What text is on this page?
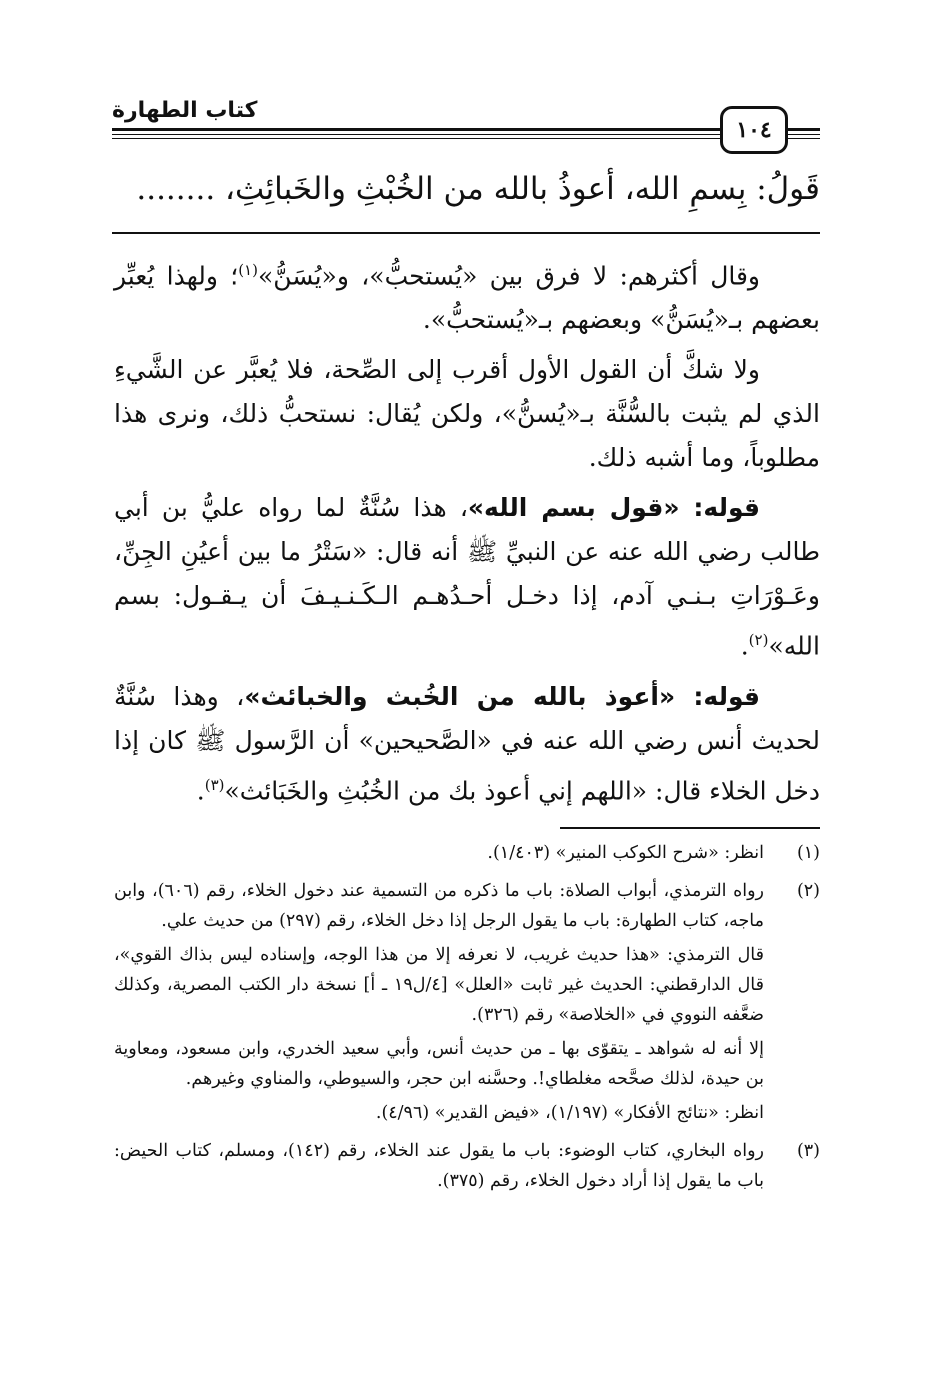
كتاب الطهارة
١٠٤
قَولُ: بِسمِ الله، أعوذُ بالله من الخُبْثِ والخَبائِثِ، ........

وقال أكثرهم: لا فرق بين «يُستحبُّ»، و«يُسَنُّ»$^{(١)}$؛ ولهذا يُعبِّر بعضهم بـ«يُسَنُّ» وبعضهم بـ«يُستحبُّ».

ولا شكَّ أن القول الأول أقرب إلى الصِّحة، فلا يُعبَّر عن الشَّيءِ الذي لم يثبت بالسُّنَّة بـ«يُسنُّ»، ولكن يُقال: نستحبُّ ذلك، ونرى هذا مطلوباً، وما أشبه ذلك.

قوله: «قول بسم الله»، هذا سُنَّةٌ لما رواه عليُّ بن أبي طالب رضي الله عنه عن النبيِّ ﷺ أنه قال: «سَتْرُ ما بين أعيُنِ الجِنِّ، وعَـوْرَاتِ بـنـي آدم، إذا دخـل أحـدُهـم الـكَـنـيـفَ أن يـقـول: بسم الله»$^{(٢)}$.

قوله: «أعوذ بالله من الخُبث والخبائث»، وهذا سُنَّةٌ لحديث أنس رضي الله عنه في «الصَّحيحين» أن الرَّسول ﷺ كان إذا دخل الخلاء قال: «اللهم إني أعوذ بك من الخُبُثِ والخَبَائث»$^{(٣)}$.

(١)

انظر: «شرح الكوكب المنير» (١/٤٠٣).

(٢)

رواه الترمذي، أبواب الصلاة: باب ما ذكره من التسمية عند دخول الخلاء، رقم (٦٠٦)، وابن ماجه، كتاب الطهارة: باب ما يقول الرجل إذا دخل الخلاء، رقم (٢٩٧) من حديث علي.

قال الترمذي: «هذا حديث غريب، لا نعرفه إلا من هذا الوجه، وإسناده ليس بذاك القوي»، قال الدارقطني: الحديث غير ثابت «العلل» [٤/ل١٩ ـ أ] نسخة دار الكتب المصرية، وكذلك ضعَّفه النووي في «الخلاصة» رقم (٣٢٦).

إلا أنه له شواهد ـ يتقوّى بها ـ من حديث أنس، وأبي سعيد الخدري، وابن مسعود، ومعاوية بن حيدة، لذلك صحَّحه مغلطاي!. وحسَّنه ابن حجر، والسيوطي، والمناوي وغيرهم.

انظر: «نتائج الأفكار» (١/١٩٧)، «فيض القدير» (٤/٩٦).

(٣)

رواه البخاري، كتاب الوضوء: باب ما يقول عند الخلاء، رقم (١٤٢)، ومسلم، كتاب الحيض: باب ما يقول إذا أراد دخول الخلاء، رقم (٣٧٥).
